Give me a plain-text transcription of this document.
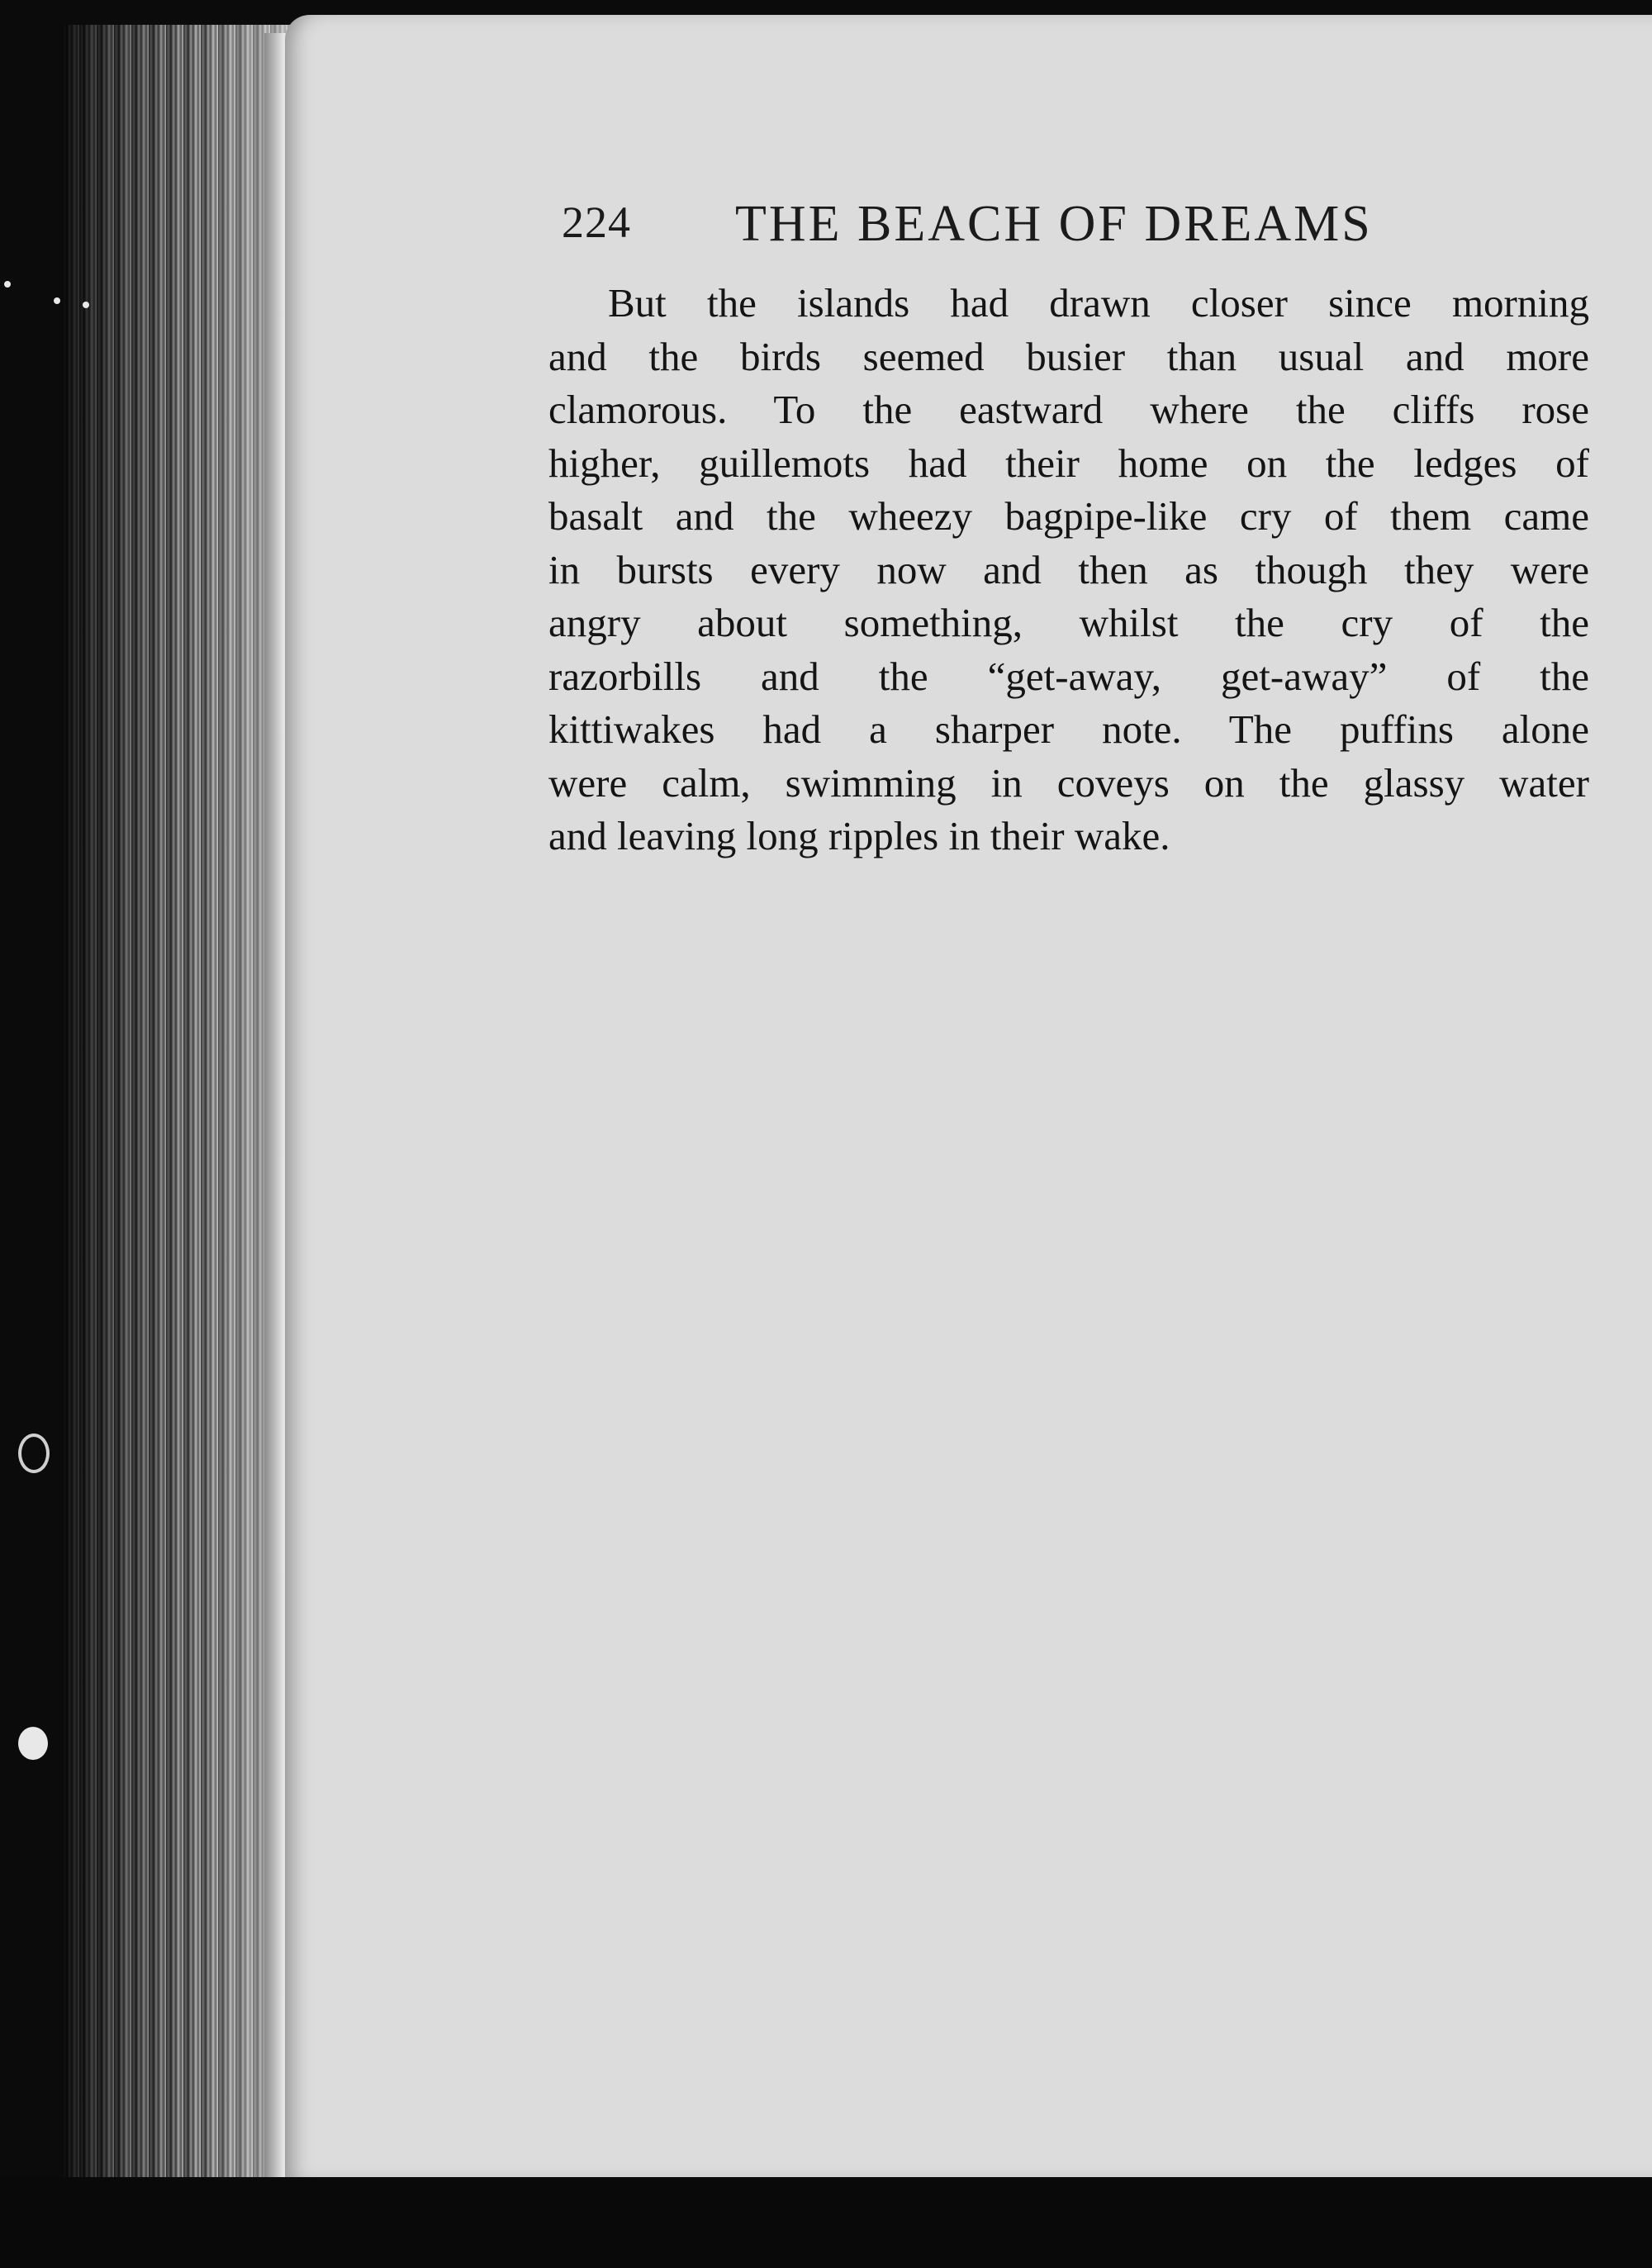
224 THE BEACH OF DREAMS
But the islands had drawn closer since morning
and the birds seemed busier than usual and more
clamorous. To the eastward where the cliffs rose
higher, guillemots had their home on the ledges of
basalt and the wheezy bagpipe-like cry of them came
in bursts every now and then as though they were
angry about something, whilst the cry of the
razorbills and the “get-away, get-away” of the
kittiwakes had a sharper note. The puffins alone
were calm, swimming in coveys on the glassy water
and leaving long ripples in their wake.
